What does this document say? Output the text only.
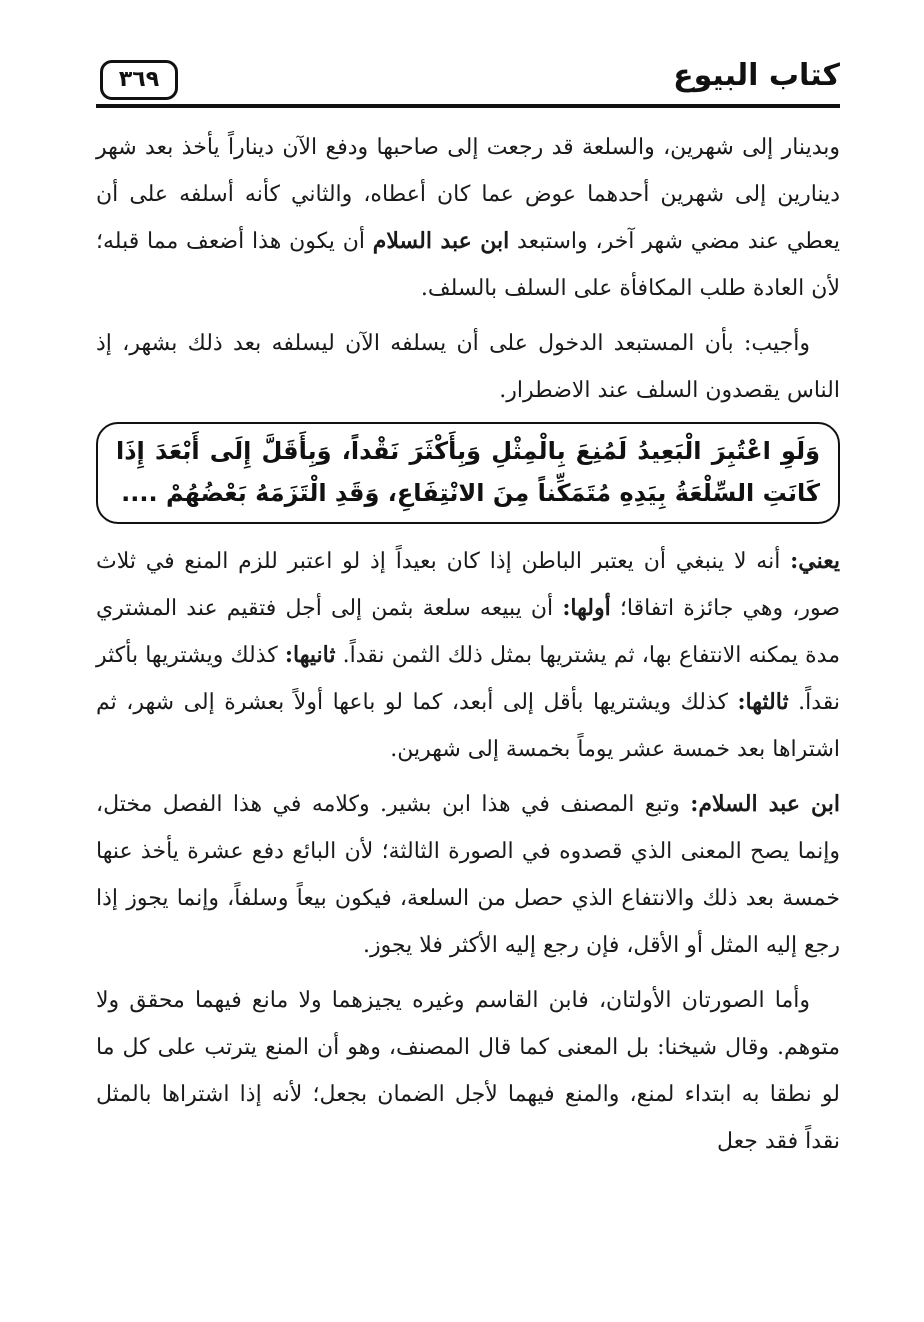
كتاب البيوع
٣٦٩

وبدينار إلى شهرين، والسلعة قد رجعت إلى صاحبها ودفع الآن ديناراً يأخذ بعد شهر دينارين إلى شهرين أحدهما عوض عما كان أعطاه، والثاني كأنه أسلفه على أن يعطي عند مضي شهر آخر، واستبعد ابن عبد السلام أن يكون هذا أضعف مما قبله؛ لأن العادة طلب المكافأة على السلف بالسلف.

وأجيب: بأن المستبعد الدخول على أن يسلفه الآن ليسلفه بعد ذلك بشهر، إذ الناس يقصدون السلف عند الاضطرار.

وَلَوِ اعْتُبِرَ الْبَعِيدُ لَمُنِعَ بِالْمِثْلِ وَبِأَكْثَرَ نَقْداً، وَبِأَقَلَّ إِلَى أَبْعَدَ إِذَا كَانَتِ السِّلْعَةُ بِيَدِهِ مُتَمَكِّناً مِنَ الانْتِفَاعِ، وَقَدِ الْتَزَمَهُ بَعْضُهُمْ ....

يعني: أنه لا ينبغي أن يعتبر الباطن إذا كان بعيداً إذ لو اعتبر للزم المنع في ثلاث صور، وهي جائزة اتفاقا؛ أولها: أن يبيعه سلعة بثمن إلى أجل فتقيم عند المشتري مدة يمكنه الانتفاع بها، ثم يشتريها بمثل ذلك الثمن نقداً. ثانيها: كذلك ويشتريها بأكثر نقداً. ثالثها: كذلك ويشتريها بأقل إلى أبعد، كما لو باعها أولاً بعشرة إلى شهر، ثم اشتراها بعد خمسة عشر يوماً بخمسة إلى شهرين.

ابن عبد السلام: وتبع المصنف في هذا ابن بشير. وكلامه في هذا الفصل مختل، وإنما يصح المعنى الذي قصدوه في الصورة الثالثة؛ لأن البائع دفع عشرة يأخذ عنها خمسة بعد ذلك والانتفاع الذي حصل من السلعة، فيكون بيعاً وسلفاً، وإنما يجوز إذا رجع إليه المثل أو الأقل، فإن رجع إليه الأكثر فلا يجوز.

وأما الصورتان الأولتان، فابن القاسم وغيره يجيزهما ولا مانع فيهما محقق ولا متوهم. وقال شيخنا: بل المعنى كما قال المصنف، وهو أن المنع يترتب على كل ما لو نطقا به ابتداء لمنع، والمنع فيهما لأجل الضمان بجعل؛ لأنه إذا اشتراها بالمثل نقداً فقد جعل
